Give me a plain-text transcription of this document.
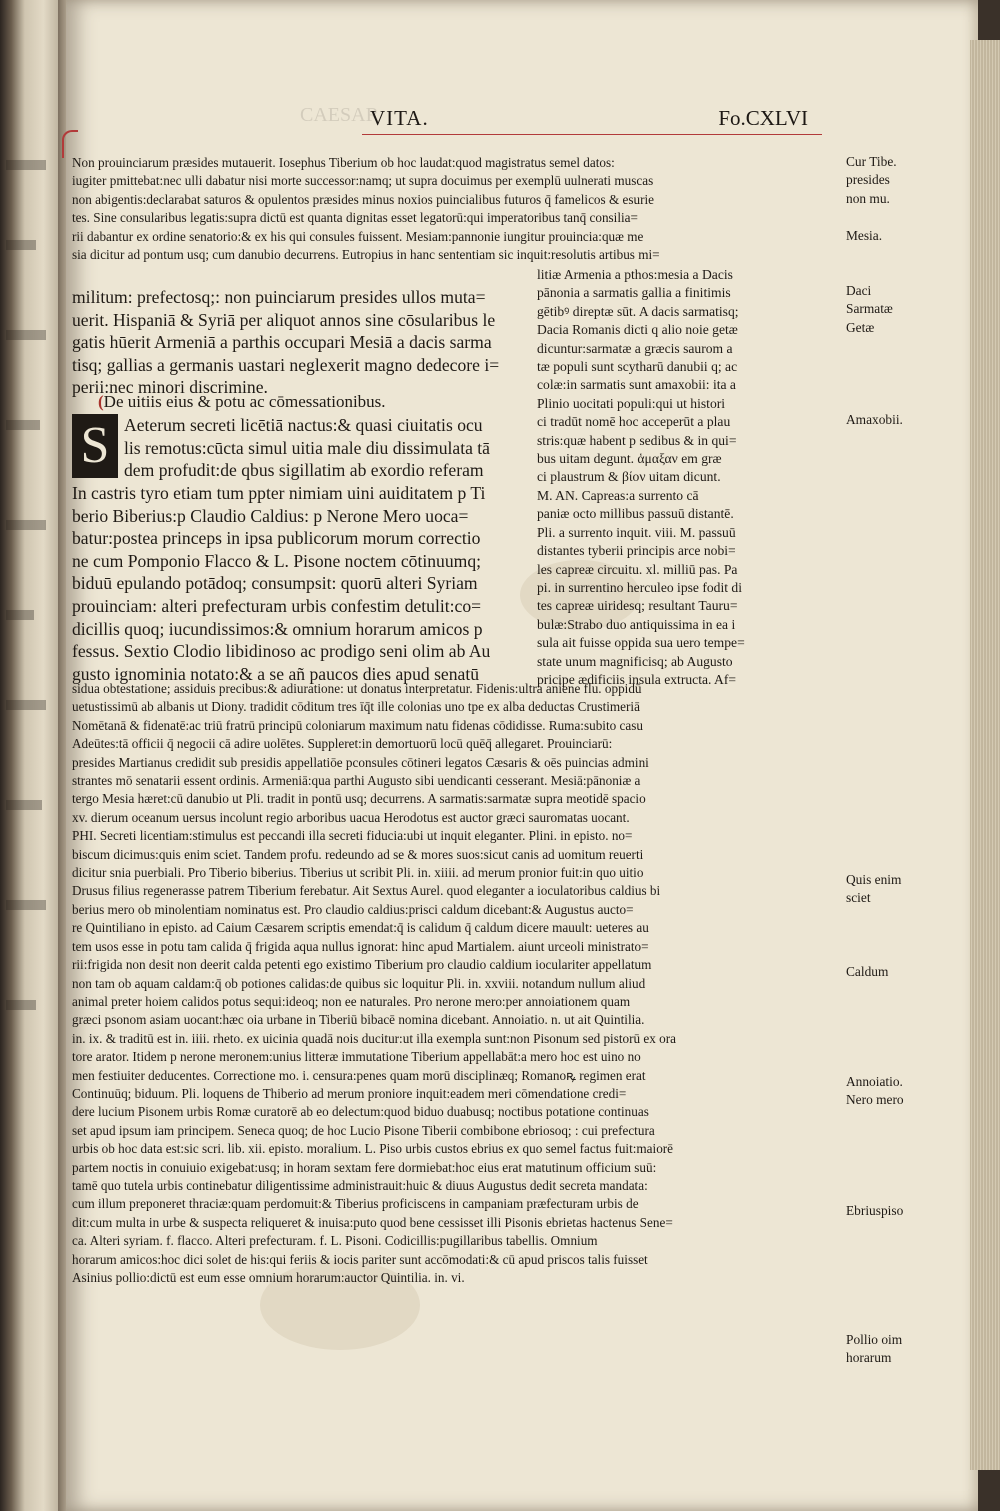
CAESAR
VITA.	Fo.CXLVI
Non prouinciarum præsides mutauerit. Iosephus Tiberium ob hoc laudat:quod magistratus semel datos:
iugiter pmittebat:nec ulli dabatur nisi morte successor:namq; ut supra docuimus per exemplū uulnerati muscas
non abigentis:declarabat saturos & opulentos præsides minus noxios puincialibus futuros q̄ famelicos & esurie
tes. Sine consularibus legatis:supra dictū est quanta dignitas esset legatorū:qui imperatoribus tanq̄ consilia=
rii dabantur ex ordine senatorio:& ex his qui consules fuissent. Mesiam:pannonie iungitur prouincia:quæ me
sia dicitur ad pontum usq; cum danubio decurrens. Eutropius in hanc sententiam sic inquit:resolutis artibus mi=
militum: prefectosq;: non puinciarum presides ullos muta=
uerit. Hispaniā & Syriā per aliquot annos sine cōsularibus le
gatis hūerit Armeniā a parthis occupari Mesiā a dacis sarma
tisq; gallias a germanis uastari neglexerit magno dedecore i=
perii:nec minori discrimine.
(De uitiis eius & potu ac cōmessationibus.
S Aeterum secreti licētiā nactus:& quasi ciuitatis ocu
lis remotus:cūcta simul uitia male diu dissimulata tā
dem profudit:de qbus sigillatim ab exordio referam
In castris tyro etiam tum ppter nimiam uini auiditatem p Ti
berio Biberius:p Claudio Caldius: p Nerone Mero uoca=
batur:postea princeps in ipsa publicorum morum correctio
ne cum Pomponio Flacco & L. Pisone noctem cōtinuumq;
biduū epulando potādoq; consumpsit: quorū alteri Syriam
prouinciam: alteri prefecturam urbis confestim detulit:co=
dicillis quoq; iucundissimos:& omnium horarum amicos p
fessus. Sextio Clodio libidinoso ac prodigo seni olim ab Au
gusto ignominia notato:& a se añ paucos dies apud senatū
litiæ Armenia a pthos:mesia a Dacis
pānonia a sarmatis gallia a finitimis
gētibꝰ direptæ sūt. A dacis sarmatisq;
Dacia Romanis dicti q alio noie getæ
dicuntur:sarmatæ a græcis saurom a
tæ populi sunt scytharū danubii q; ac
colæ:in sarmatis sunt amaxobii: ita a
Plinio uocitati populi:qui ut histori
ci tradūt nomē hoc acceperūt a plau
stris:quæ habent p sedibus & in qui=
bus uitam degunt. ἁμαξαν em græ
ci plaustrum & βίον uitam dicunt.
M. AN. Capreas:a surrento cā
paniæ octo millibus passuū distantē.
Pli. a surrento inquit. viii. M. passuū
distantes tyberii principis arce nobi=
les capreæ circuitu. xl. milliū pas. Pa
pi. in surrentino herculeo ipse fodit di
tes capreæ uiridesq; resultant Tauru=
bulæ:Strabo duo antiquissima in ea i
sula ait fuisse oppida sua uero tempe=
state unum magnificisq; ab Augusto
pricipe ædificiis insula extructa. Af=
sidua obtestatione; assiduis precibus:& adiuratione: ut donatus interpretatur. Fidenis:ultra aniene flu. oppidū
uetustissimū ab albanis ut Diony. tradidit cōditum tres īq̄t ille colonias uno tpe ex alba deductas Crustimeriā
Nomētanā & fidenatē:ac triū fratrū principū coloniarum maximum natu fidenas cōdidisse. Ruma:subito casu
Adeūtes:tā officii q̄ negocii cā adire uolētes. Suppleret:in demortuorū locū quēq̄ allegaret. Prouinciarū:
presides Martianus credidit sub presidis appellatiōe pconsules cōtineri legatos Cæsaris & oēs puincias admini
strantes mō senatarii essent ordinis. Armeniā:qua parthi Augusto sibi uendicanti cesserant. Mesiā:pānoniæ a
tergo Mesia hæret:cū danubio ut Pli. tradit in pontū usq; decurrens. A sarmatis:sarmatæ supra meotidē spacio
xv. dierum oceanum uersus incolunt regio arboribus uacua Herodotus est auctor græci sauromatas uocant.
PHI. Secreti licentiam:stimulus est peccandi illa secreti fiducia:ubi ut inquit eleganter. Plini. in episto. no=
biscum dicimus:quis enim sciet. Tandem profu. redeundo ad se & mores suos:sicut canis ad uomitum reuerti
dicitur snia puerbiali. Pro Tiberio biberius. Tiberius ut scribit Pli. in. xiiii. ad merum pronior fuit:in quo uitio
Drusus filius regenerasse patrem Tiberium ferebatur. Ait Sextus Aurel. quod eleganter a ioculatoribus caldius bi
berius mero ob minolentiam nominatus est. Pro claudio caldius:prisci caldum dicebant:& Augustus aucto=
re Quintiliano in episto. ad Caium Cæsarem scriptis emendat:q̄ is calidum q̄ caldum dicere mauult: ueteres au
tem usos esse in potu tam calida q̄ frigida aqua nullus ignorat: hinc apud Martialem. aiunt urceoli ministrato=
rii:frigida non desit non deerit calda petenti ego existimo Tiberium pro claudio caldium ioculariter appellatum
non tam ob aquam caldam:q̄ ob potiones calidas:de quibus sic loquitur Pli. in. xxviii. notandum nullum aliud
animal preter hoiem calidos potus sequi:ideoq; non ee naturales. Pro nerone mero:per annoiationem quam
græci psonom asiam uocant:hæc oia urbane in Tiberiū bibacē nomina dicebant. Annoiatio. n. ut ait Quintilia.
in. ix. & traditū est in. iiii. rheto. ex uicinia quadā nois ducitur:ut illa exempla sunt:non Pisonum sed pistorū ex ora
tore arator. Itidem p nerone meronem:unius litteræ immutatione Tiberium appellabāt:a mero hoc est uino no
men festiuiter deducentes. Correctione mo. i. censura:penes quam morū disciplinæq; Romanoꝶ regimen erat
Continuūq; biduum. Pli. loquens de Thiberio ad merum proniore inquit:eadem meri cōmendatione credi=
dere lucium Pisonem urbis Romæ curatorē ab eo delectum:quod biduo duabusq; noctibus potatione continuas
set apud ipsum iam principem. Seneca quoq; de hoc Lucio Pisone Tiberii combibone ebriosoq; : cui prefectura
urbis ob hoc data est:sic scri. lib. xii. episto. moralium. L. Piso urbis custos ebrius ex quo semel factus fuit:maiorē
partem noctis in conuiuio exigebat:usq; in horam sextam fere dormiebat:hoc eius erat matutinum officium suū:
tamē quo tutela urbis continebatur diligentissime administrauit:huic & diuus Augustus dedit secreta mandata:
cum illum preponeret thraciæ:quam perdomuit:& Tiberius proficiscens in campaniam præfecturam urbis de
dit:cum multa in urbe & suspecta reliqueret & inuisa:puto quod bene cessisset illi Pisonis ebrietas hactenus Sene=
ca. Alteri syriam. f. flacco. Alteri prefecturam. f. L. Pisoni. Codicillis:pugillaribus tabellis. Omnium
horarum amicos:hoc dici solet de his:qui feriis & iocis pariter sunt accōmodati:& cū apud priscos talis fuisset
Asinius pollio:dictū est eum esse omnium horarum:auctor Quintilia. in. vi.
Cur Tibe.
presides
non mu.
Mesia.
Daci
Sarmatæ
Getæ
Amaxobii.
Quis enim
sciet
Caldum
Annoiatio.
Nero mero
Ebriuspiso
Pollio oim
horarum
